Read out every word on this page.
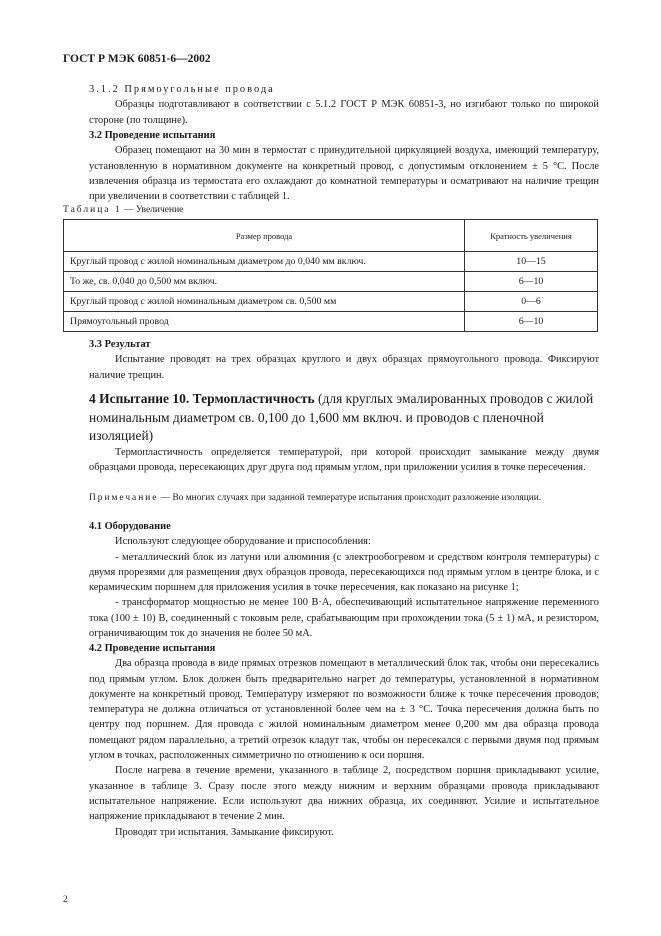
ГОСТ Р МЭК 60851-6—2002
3.1.2 Прямоугольные провода
Образцы подготавливают в соответствии с 5.1.2 ГОСТ Р МЭК 60851-3, но изгибают только по широкой стороне (по толщине).
3.2 Проведение испытания
Образец помещают на 30 мин в термостат с принудительной циркуляцией воздуха, имеющий температуру, установленную в нормативном документе на конкретный провод, с допустимым отклонением ± 5 °С. После извлечения образца из термостата его охлаждают до комнатной температуры и осматривают на наличие трещин при увеличении в соответствии с таблицей 1.
Таблица 1 — Увеличение
Размер провода	Кратность увеличения
Круглый провод с жилой номинальным диаметром до 0,040 мм включ.	10—15
То же, св. 0,040 до 0,500 мм включ.	6—10
Круглый провод с жилой номинальным диаметром св. 0,500 мм	0—6
Прямоугольный провод	6—10
3.3 Результат
Испытание проводят на трех образцах круглого и двух образцах прямоугольного провода. Фиксируют наличие трещин.
4 Испытание 10. Термопластичность (для круглых эмалированных проводов с жилой номинальным диаметром св. 0,100 до 1,600 мм включ. и проводов с пленочной изоляцией)
Термопластичность определяется температурой, при которой происходит замыкание между двумя образцами провода, пересекающих друг друга под прямым углом, при приложении усилия в точке пересечения.
Примечание — Во многих случаях при заданной температуре испытания происходит разложение изоляции.
4.1 Оборудование
Используют следующее оборудование и приспособления:
- металлический блок из латуни или алюминия (с электрообогревом и средством контроля температуры) с двумя прорезями для размещения двух образцов провода, пересекающихся под прямым углом в центре блока, и с керамическим поршнем для приложения усилия в точке пересечения, как показано на рисунке 1;
- трансформатор мощностью не менее 100 В·А, обеспечивающий испытательное напряжение переменного тока (100 ± 10) В, соединенный с токовым реле, срабатывающим при прохождении тока (5 ± 1) мА, и резистором, ограничивающим ток до значения не более 50 мА.
4.2 Проведение испытания
Два образца провода в виде прямых отрезков помещают в металлический блок так, чтобы они пересекались под прямым углом. Блок должен быть предварительно нагрет до температуры, установленной в нормативном документе на конкретный провод. Температуру измеряют по возможности ближе к точке пересечения проводов; температура не должна отличаться от установленной более чем на ± 3 °С. Точка пересечения должна быть по центру под поршнем. Для провода с жилой номинальным диаметром менее 0,200 мм два образца провода помещают рядом параллельно, а третий отрезок кладут так, чтобы он пересекался с первыми двумя под прямым углом в точках, расположенных симметрично по отношению к оси поршня.
После нагрева в течение времени, указанного в таблице 2, посредством поршня прикладывают усилие, указанное в таблице 3. Сразу после этого между нижним и верхним образцами провода прикладывают испытательное напряжение. Если используют два нижних образца, их соединяют. Усилие и испытательное напряжение прикладывают в течение 2 мин.
Проводят три испытания. Замыкание фиксируют.
2
